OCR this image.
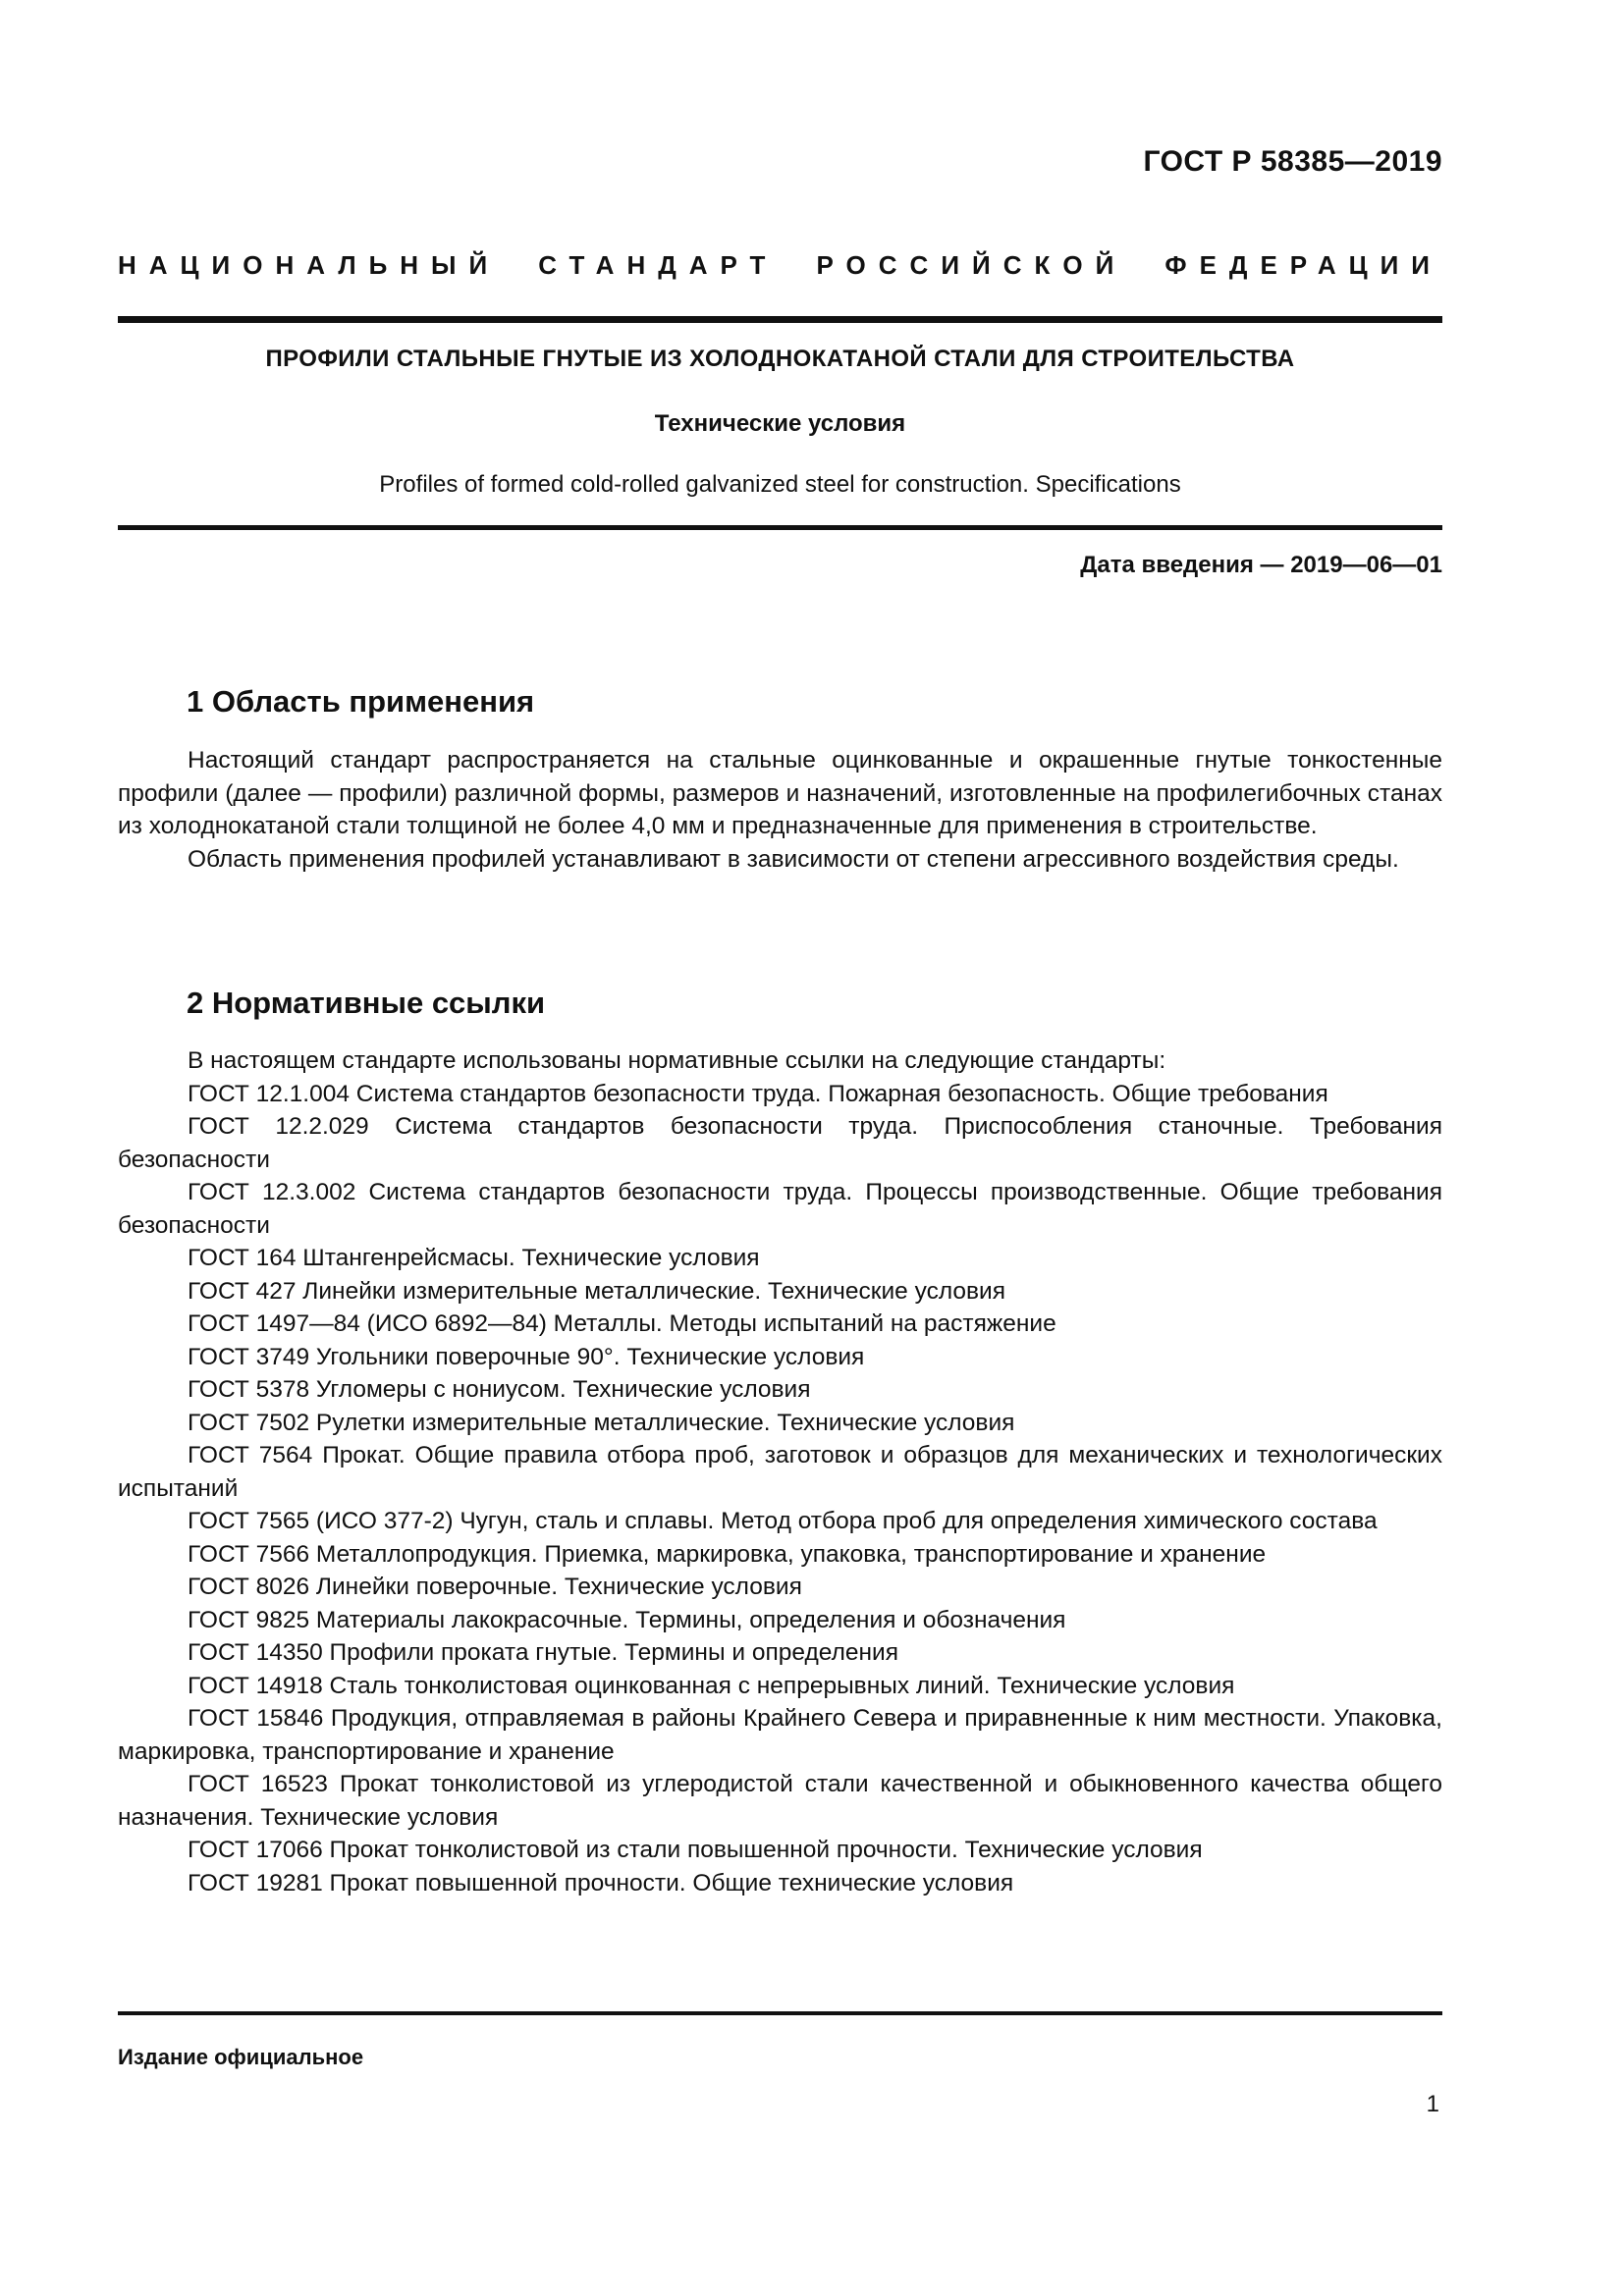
ГОСТ Р 58385—2019
НАЦИОНАЛЬНЫЙ СТАНДАРТ РОССИЙСКОЙ ФЕДЕРАЦИИ
ПРОФИЛИ СТАЛЬНЫЕ ГНУТЫЕ ИЗ ХОЛОДНОКАТАНОЙ СТАЛИ ДЛЯ СТРОИТЕЛЬСТВА
Технические условия
Profiles of formed cold-rolled galvanized steel for construction. Specifications
Дата введения — 2019—06—01
1 Область применения

Настоящий стандарт распространяется на стальные оцинкованные и окрашенные гнутые тонкостенные профили (далее — профили) различной формы, размеров и назначений, изготовленные на профилегибочных станах из холоднокатаной стали толщиной не более 4,0 мм и предназначенные для применения в строительстве.

Область применения профилей устанавливают в зависимости от степени агрессивного воздействия среды.

2 Нормативные ссылки

В настоящем стандарте использованы нормативные ссылки на следующие стандарты:

ГОСТ 12.1.004 Система стандартов безопасности труда. Пожарная безопасность. Общие требования

ГОСТ 12.2.029 Система стандартов безопасности труда. Приспособления станочные. Требования безопасности

ГОСТ 12.3.002 Система стандартов безопасности труда. Процессы производственные. Общие требования безопасности

ГОСТ 164 Штангенрейсмасы. Технические условия

ГОСТ 427 Линейки измерительные металлические. Технические условия

ГОСТ 1497—84 (ИСО 6892—84) Металлы. Методы испытаний на растяжение

ГОСТ 3749 Угольники поверочные 90°. Технические условия

ГОСТ 5378 Угломеры с нониусом. Технические условия

ГОСТ 7502 Рулетки измерительные металлические. Технические условия

ГОСТ 7564 Прокат. Общие правила отбора проб, заготовок и образцов для механических и технологических испытаний

ГОСТ 7565 (ИСО 377-2) Чугун, сталь и сплавы. Метод отбора проб для определения химического состава

ГОСТ 7566 Металлопродукция. Приемка, маркировка, упаковка, транспортирование и хранение

ГОСТ 8026 Линейки поверочные. Технические условия

ГОСТ 9825 Материалы лакокрасочные. Термины, определения и обозначения

ГОСТ 14350 Профили проката гнутые. Термины и определения

ГОСТ 14918 Сталь тонколистовая оцинкованная с непрерывных линий. Технические условия

ГОСТ 15846 Продукция, отправляемая в районы Крайнего Севера и приравненные к ним местности. Упаковка, маркировка, транспортирование и хранение

ГОСТ 16523 Прокат тонколистовой из углеродистой стали качественной и обыкновенного качества общего назначения. Технические условия

ГОСТ 17066 Прокат тонколистовой из стали повышенной прочности. Технические условия

ГОСТ 19281 Прокат повышенной прочности. Общие технические условия

Издание официальное
1
